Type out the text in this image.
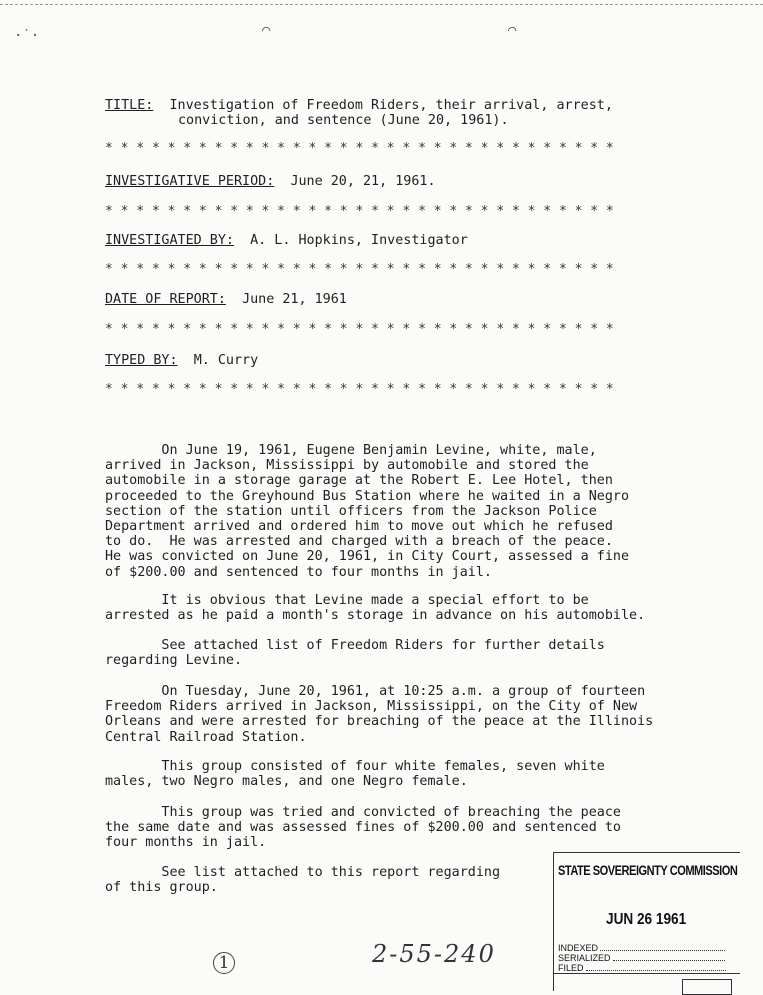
·˙·	⌒	⌒
TITLE: Investigation of Freedom Riders, their arrival, arrest,
conviction, and sentence (June 20, 1961).
* * * * * * * * * * * * * * * * * * * * * * * * * * * * * * * * *
INVESTIGATIVE PERIOD: June 20, 21, 1961.
* * * * * * * * * * * * * * * * * * * * * * * * * * * * * * * * *
INVESTIGATED BY: A. L. Hopkins, Investigator
* * * * * * * * * * * * * * * * * * * * * * * * * * * * * * * * *
DATE OF REPORT: June 21, 1961
* * * * * * * * * * * * * * * * * * * * * * * * * * * * * * * * *
TYPED BY: M. Curry
* * * * * * * * * * * * * * * * * * * * * * * * * * * * * * * * *
On June 19, 1961, Eugene Benjamin Levine, white, male,
arrived in Jackson, Mississippi by automobile and stored the
automobile in a storage garage at the Robert E. Lee Hotel, then
proceeded to the Greyhound Bus Station where he waited in a Negro
section of the station until officers from the Jackson Police
Department arrived and ordered him to move out which he refused
to do.  He was arrested and charged with a breach of the peace.
He was convicted on June 20, 1961, in City Court, assessed a fine
of $200.00 and sentenced to four months in jail.
It is obvious that Levine made a special effort to be
arrested as he paid a month's storage in advance on his automobile.
See attached list of Freedom Riders for further details
regarding Levine.
On Tuesday, June 20, 1961, at 10:25 a.m. a group of fourteen
Freedom Riders arrived in Jackson, Mississippi, on the City of New
Orleans and were arrested for breaching of the peace at the Illinois
Central Railroad Station.
This group consisted of four white females, seven white
males, two Negro males, and one Negro female.
This group was tried and convicted of breaching the peace
the same date and was assessed fines of $200.00 and sentenced to
four months in jail.
See list attached to this report regarding
of this group.
STATE SOVEREIGNTY COMMISSION
JUN 26 1961
INDEXED
SERIALIZED
FILED
2-55-240
1
